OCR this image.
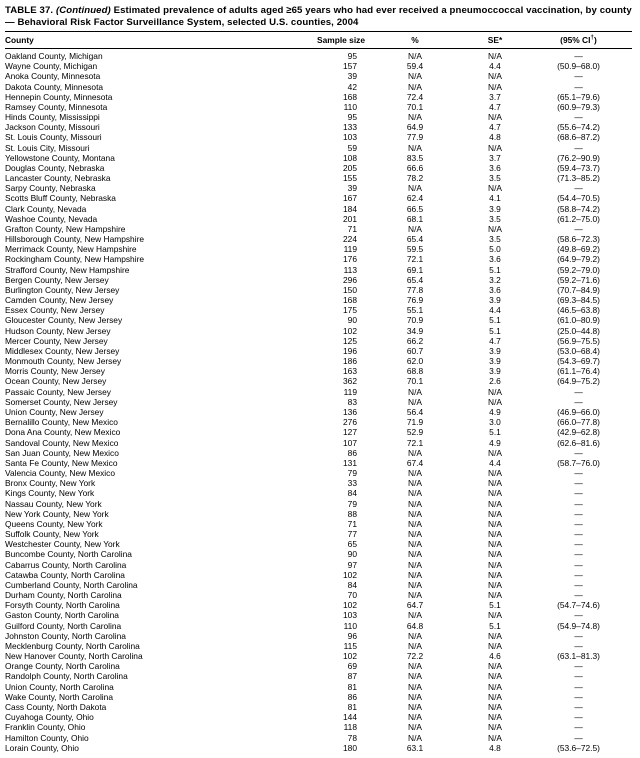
TABLE 37. (Continued) Estimated prevalence of adults aged ≥65 years who had ever received a pneumoccoccal vaccination, by county — Behavioral Risk Factor Surveillance System, selected U.S. counties, 2004
County	Sample size	%	SE*	(95% CI†)
Oakland County, Michigan	95	N/A	N/A	—
Wayne County, Michigan	157	59.4	4.4	(50.9–68.0)
Anoka County, Minnesota	39	N/A	N/A	—
Dakota County, Minnesota	42	N/A	N/A	—
Hennepin County, Minnesota	168	72.4	3.7	(65.1–79.6)
Ramsey County, Minnesota	110	70.1	4.7	(60.9–79.3)
Hinds County, Mississippi	95	N/A	N/A	—
Jackson County, Missouri	133	64.9	4.7	(55.6–74.2)
St. Louis County, Missouri	103	77.9	4.8	(68.6–87.2)
St. Louis City, Missouri	59	N/A	N/A	—
Yellowstone County, Montana	108	83.5	3.7	(76.2–90.9)
Douglas County, Nebraska	205	66.6	3.6	(59.4–73.7)
Lancaster County, Nebraska	155	78.2	3.5	(71.3–85.2)
Sarpy County, Nebraska	39	N/A	N/A	—
Scotts Bluff County, Nebraska	167	62.4	4.1	(54.4–70.5)
Clark County, Nevada	184	66.5	3.9	(58.8–74.2)
Washoe County, Nevada	201	68.1	3.5	(61.2–75.0)
Grafton County, New Hampshire	71	N/A	N/A	—
Hillsborough County, New Hampshire	224	65.4	3.5	(58.6–72.3)
Merrimack County, New Hampshire	119	59.5	5.0	(49.8–69.2)
Rockingham County, New Hampshire	176	72.1	3.6	(64.9–79.2)
Strafford County, New Hampshire	113	69.1	5.1	(59.2–79.0)
Bergen County, New Jersey	296	65.4	3.2	(59.2–71.6)
Burlington County, New Jersey	150	77.8	3.6	(70.7–84.9)
Camden County, New Jersey	168	76.9	3.9	(69.3–84.5)
Essex County, New Jersey	175	55.1	4.4	(46.5–63.8)
Gloucester County, New Jersey	90	70.9	5.1	(61.0–80.9)
Hudson County, New Jersey	102	34.9	5.1	(25.0–44.8)
Mercer County, New Jersey	125	66.2	4.7	(56.9–75.5)
Middlesex County, New Jersey	196	60.7	3.9	(53.0–68.4)
Monmouth County, New Jersey	186	62.0	3.9	(54.3–69.7)
Morris County, New Jersey	163	68.8	3.9	(61.1–76.4)
Ocean County, New Jersey	362	70.1	2.6	(64.9–75.2)
Passaic County, New Jersey	119	N/A	N/A	—
Somerset County, New Jersey	83	N/A	N/A	—
Union County, New Jersey	136	56.4	4.9	(46.9–66.0)
Bernalillo County, New Mexico	276	71.9	3.0	(66.0–77.8)
Dona Ana County, New Mexico	127	52.9	5.1	(42.9–62.8)
Sandoval County, New Mexico	107	72.1	4.9	(62.6–81.6)
San Juan County, New Mexico	86	N/A	N/A	—
Santa Fe County, New Mexico	131	67.4	4.4	(58.7–76.0)
Valencia County, New Mexico	79	N/A	N/A	—
Bronx County, New York	33	N/A	N/A	—
Kings County, New York	84	N/A	N/A	—
Nassau County, New York	79	N/A	N/A	—
New York County, New York	88	N/A	N/A	—
Queens County, New York	71	N/A	N/A	—
Suffolk County, New York	77	N/A	N/A	—
Westchester County, New York	65	N/A	N/A	—
Buncombe County, North Carolina	90	N/A	N/A	—
Cabarrus County, North Carolina	97	N/A	N/A	—
Catawba County, North Carolina	102	N/A	N/A	—
Cumberland County, North Carolina	84	N/A	N/A	—
Durham County, North Carolina	70	N/A	N/A	—
Forsyth County, North Carolina	102	64.7	5.1	(54.7–74.6)
Gaston County, North Carolina	103	N/A	N/A	—
Guilford County, North Carolina	110	64.8	5.1	(54.9–74.8)
Johnston County, North Carolina	96	N/A	N/A	—
Mecklenburg County, North Carolina	115	N/A	N/A	—
New Hanover County, North Carolina	102	72.2	4.6	(63.1–81.3)
Orange County, North Carolina	69	N/A	N/A	—
Randolph County, North Carolina	87	N/A	N/A	—
Union County, North Carolina	81	N/A	N/A	—
Wake County, North Carolina	86	N/A	N/A	—
Cass County, North Dakota	81	N/A	N/A	—
Cuyahoga County, Ohio	144	N/A	N/A	—
Franklin County, Ohio	118	N/A	N/A	—
Hamilton County, Ohio	78	N/A	N/A	—
Lorain County, Ohio	180	63.1	4.8	(53.6–72.5)
